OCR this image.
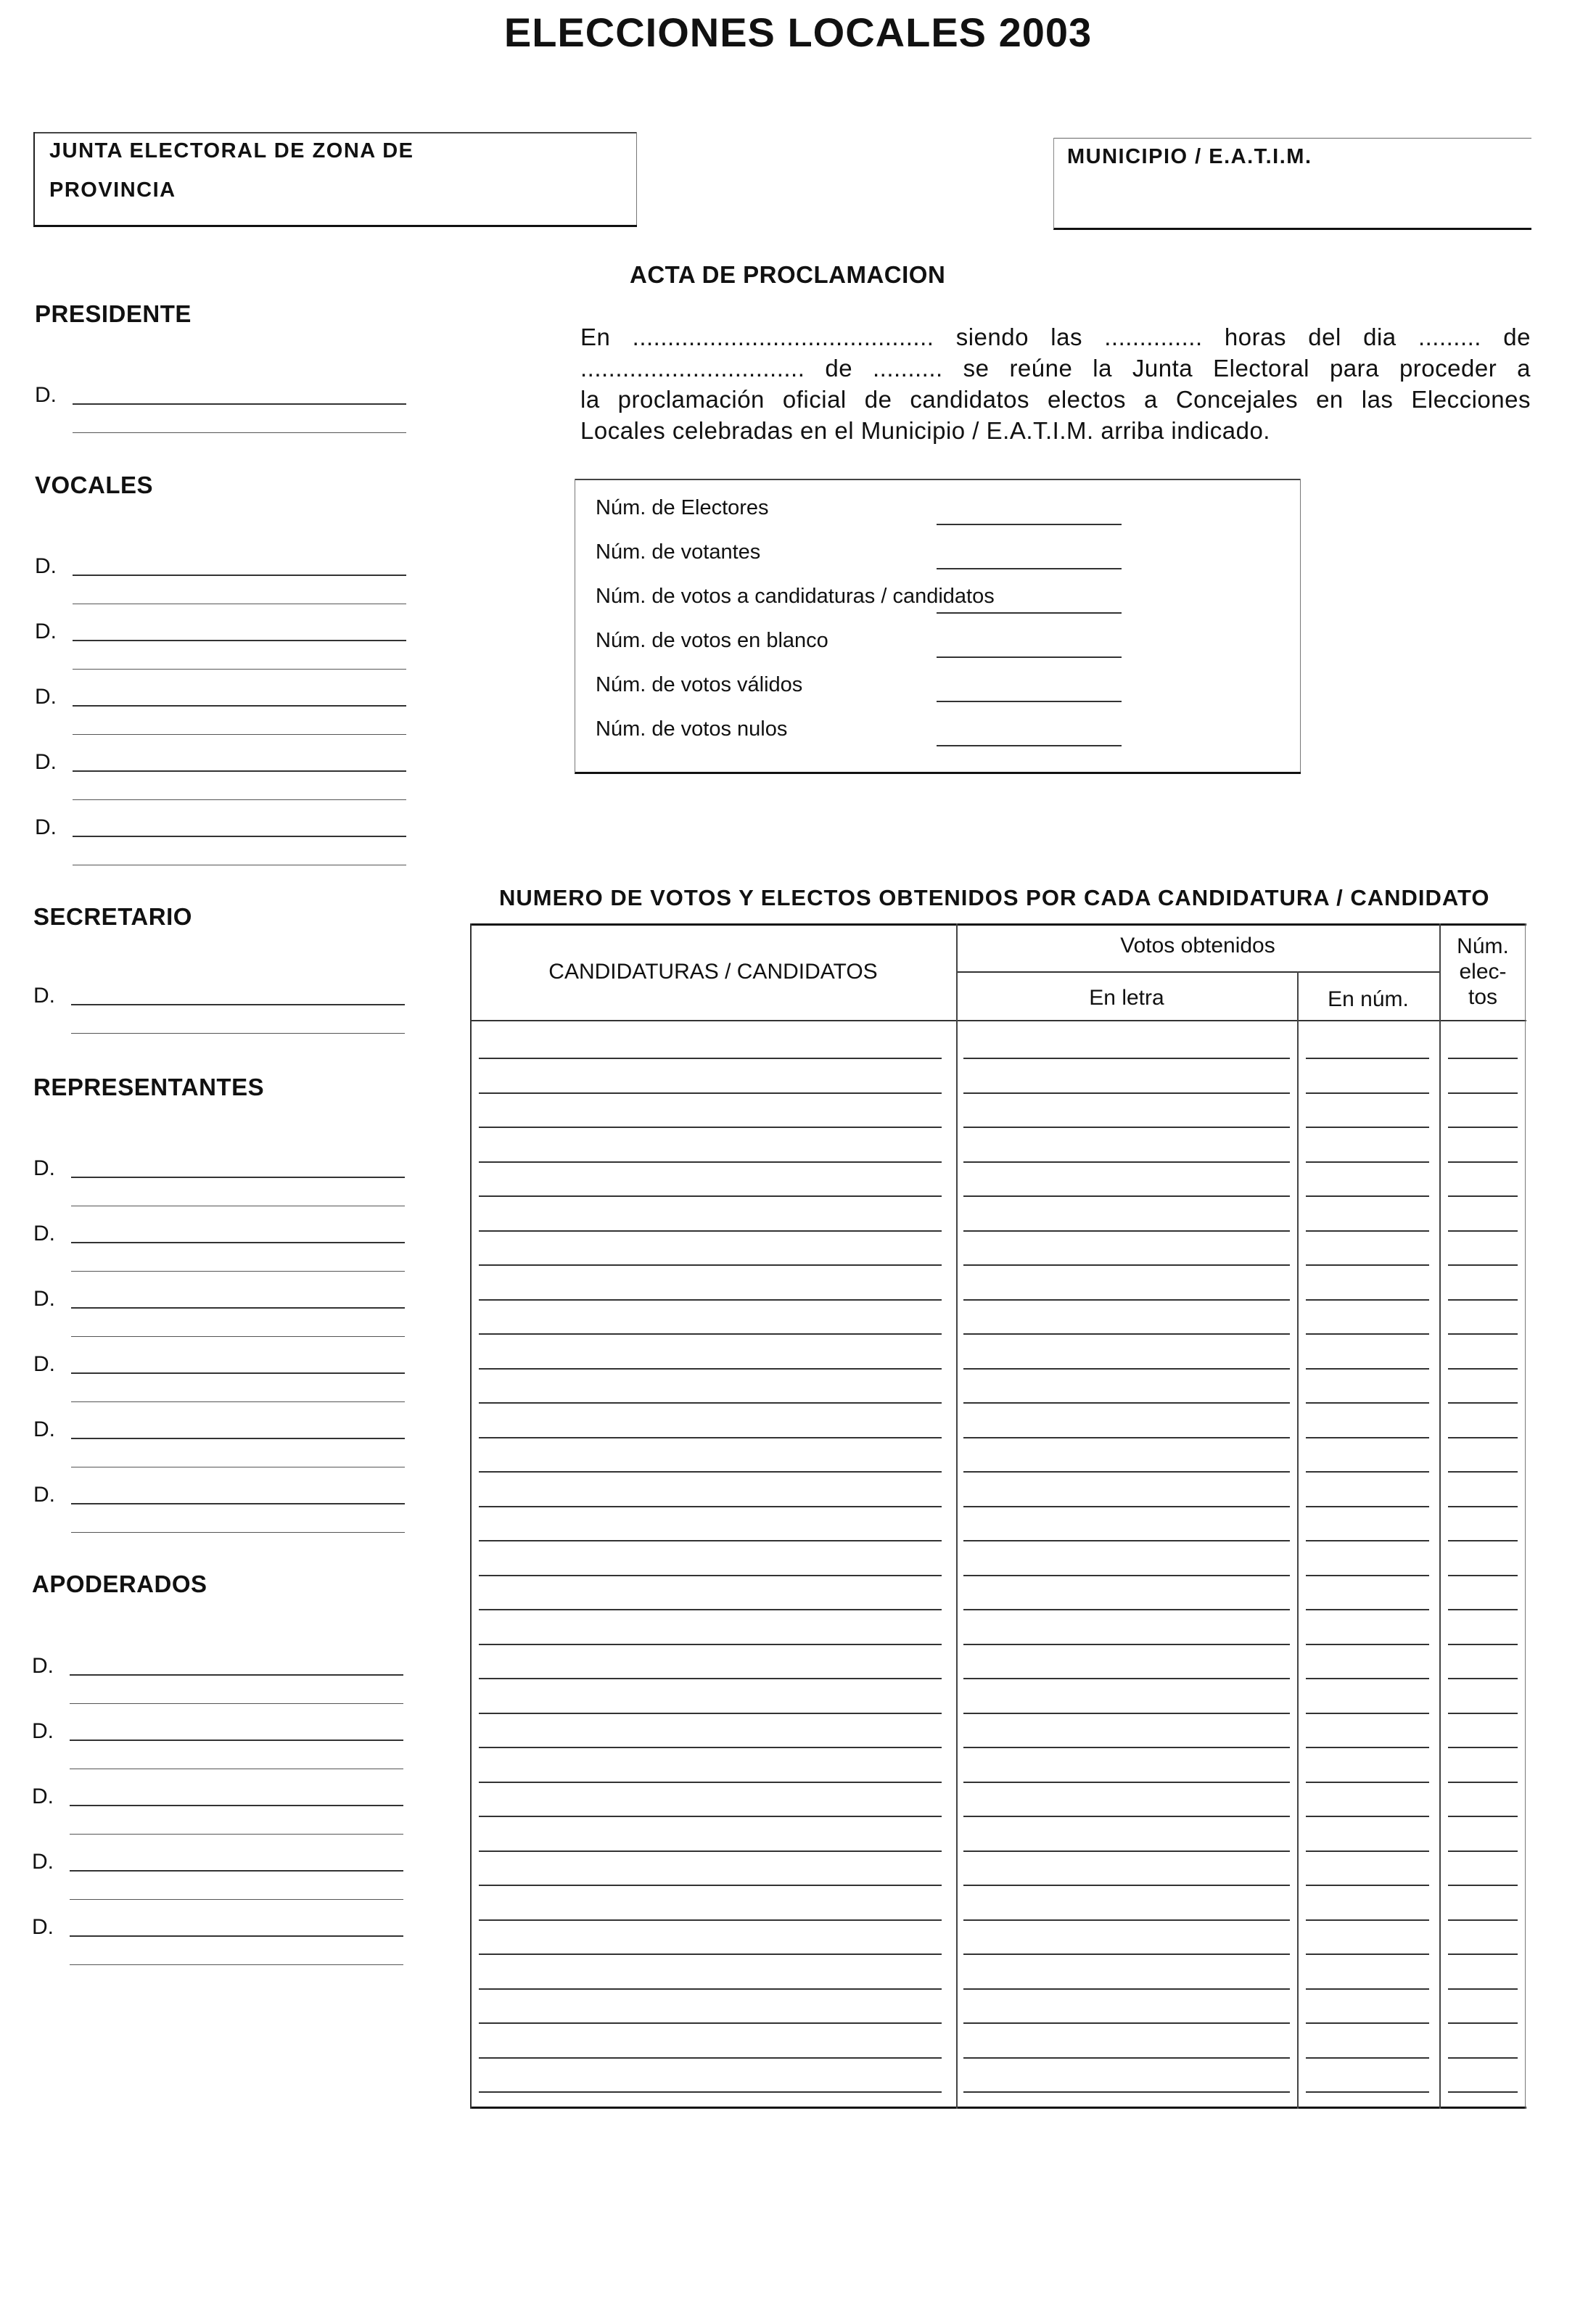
ELECCIONES LOCALES 2003
JUNTA ELECTORAL DE ZONA DE
PROVINCIA
MUNICIPIO / E.A.T.I.M.
PRESIDENTE
VOCALES
SECRETARIO
REPRESENTANTES
APODERADOS
D.
D.
D.
D.
D.
D.
D.
D.
D.
D.
D.
D.
D.
D.
D.
D.
D.
D.
ACTA DE PROCLAMACION

En ........................................... siendo las .............. horas del dia ......... de

................................ de .......... se reúne la Junta Electoral para proceder a

la proclamación oficial de candidatos electos a Concejales en las Elecciones

Locales celebradas en el Municipio / E.A.T.I.M. arriba indicado.

Núm. de Electores
Núm. de votantes
Núm. de votos a candidaturas / candidatos
Núm. de votos en blanco
Núm. de votos válidos
Núm. de votos nulos
NUMERO DE VOTOS Y ELECTOS OBTENIDOS POR CADA CANDIDATURA / CANDIDATO
CANDIDATURAS / CANDIDATOS
Votos obtenidos
En letra	En núm.
Núm.
elec-
tos
